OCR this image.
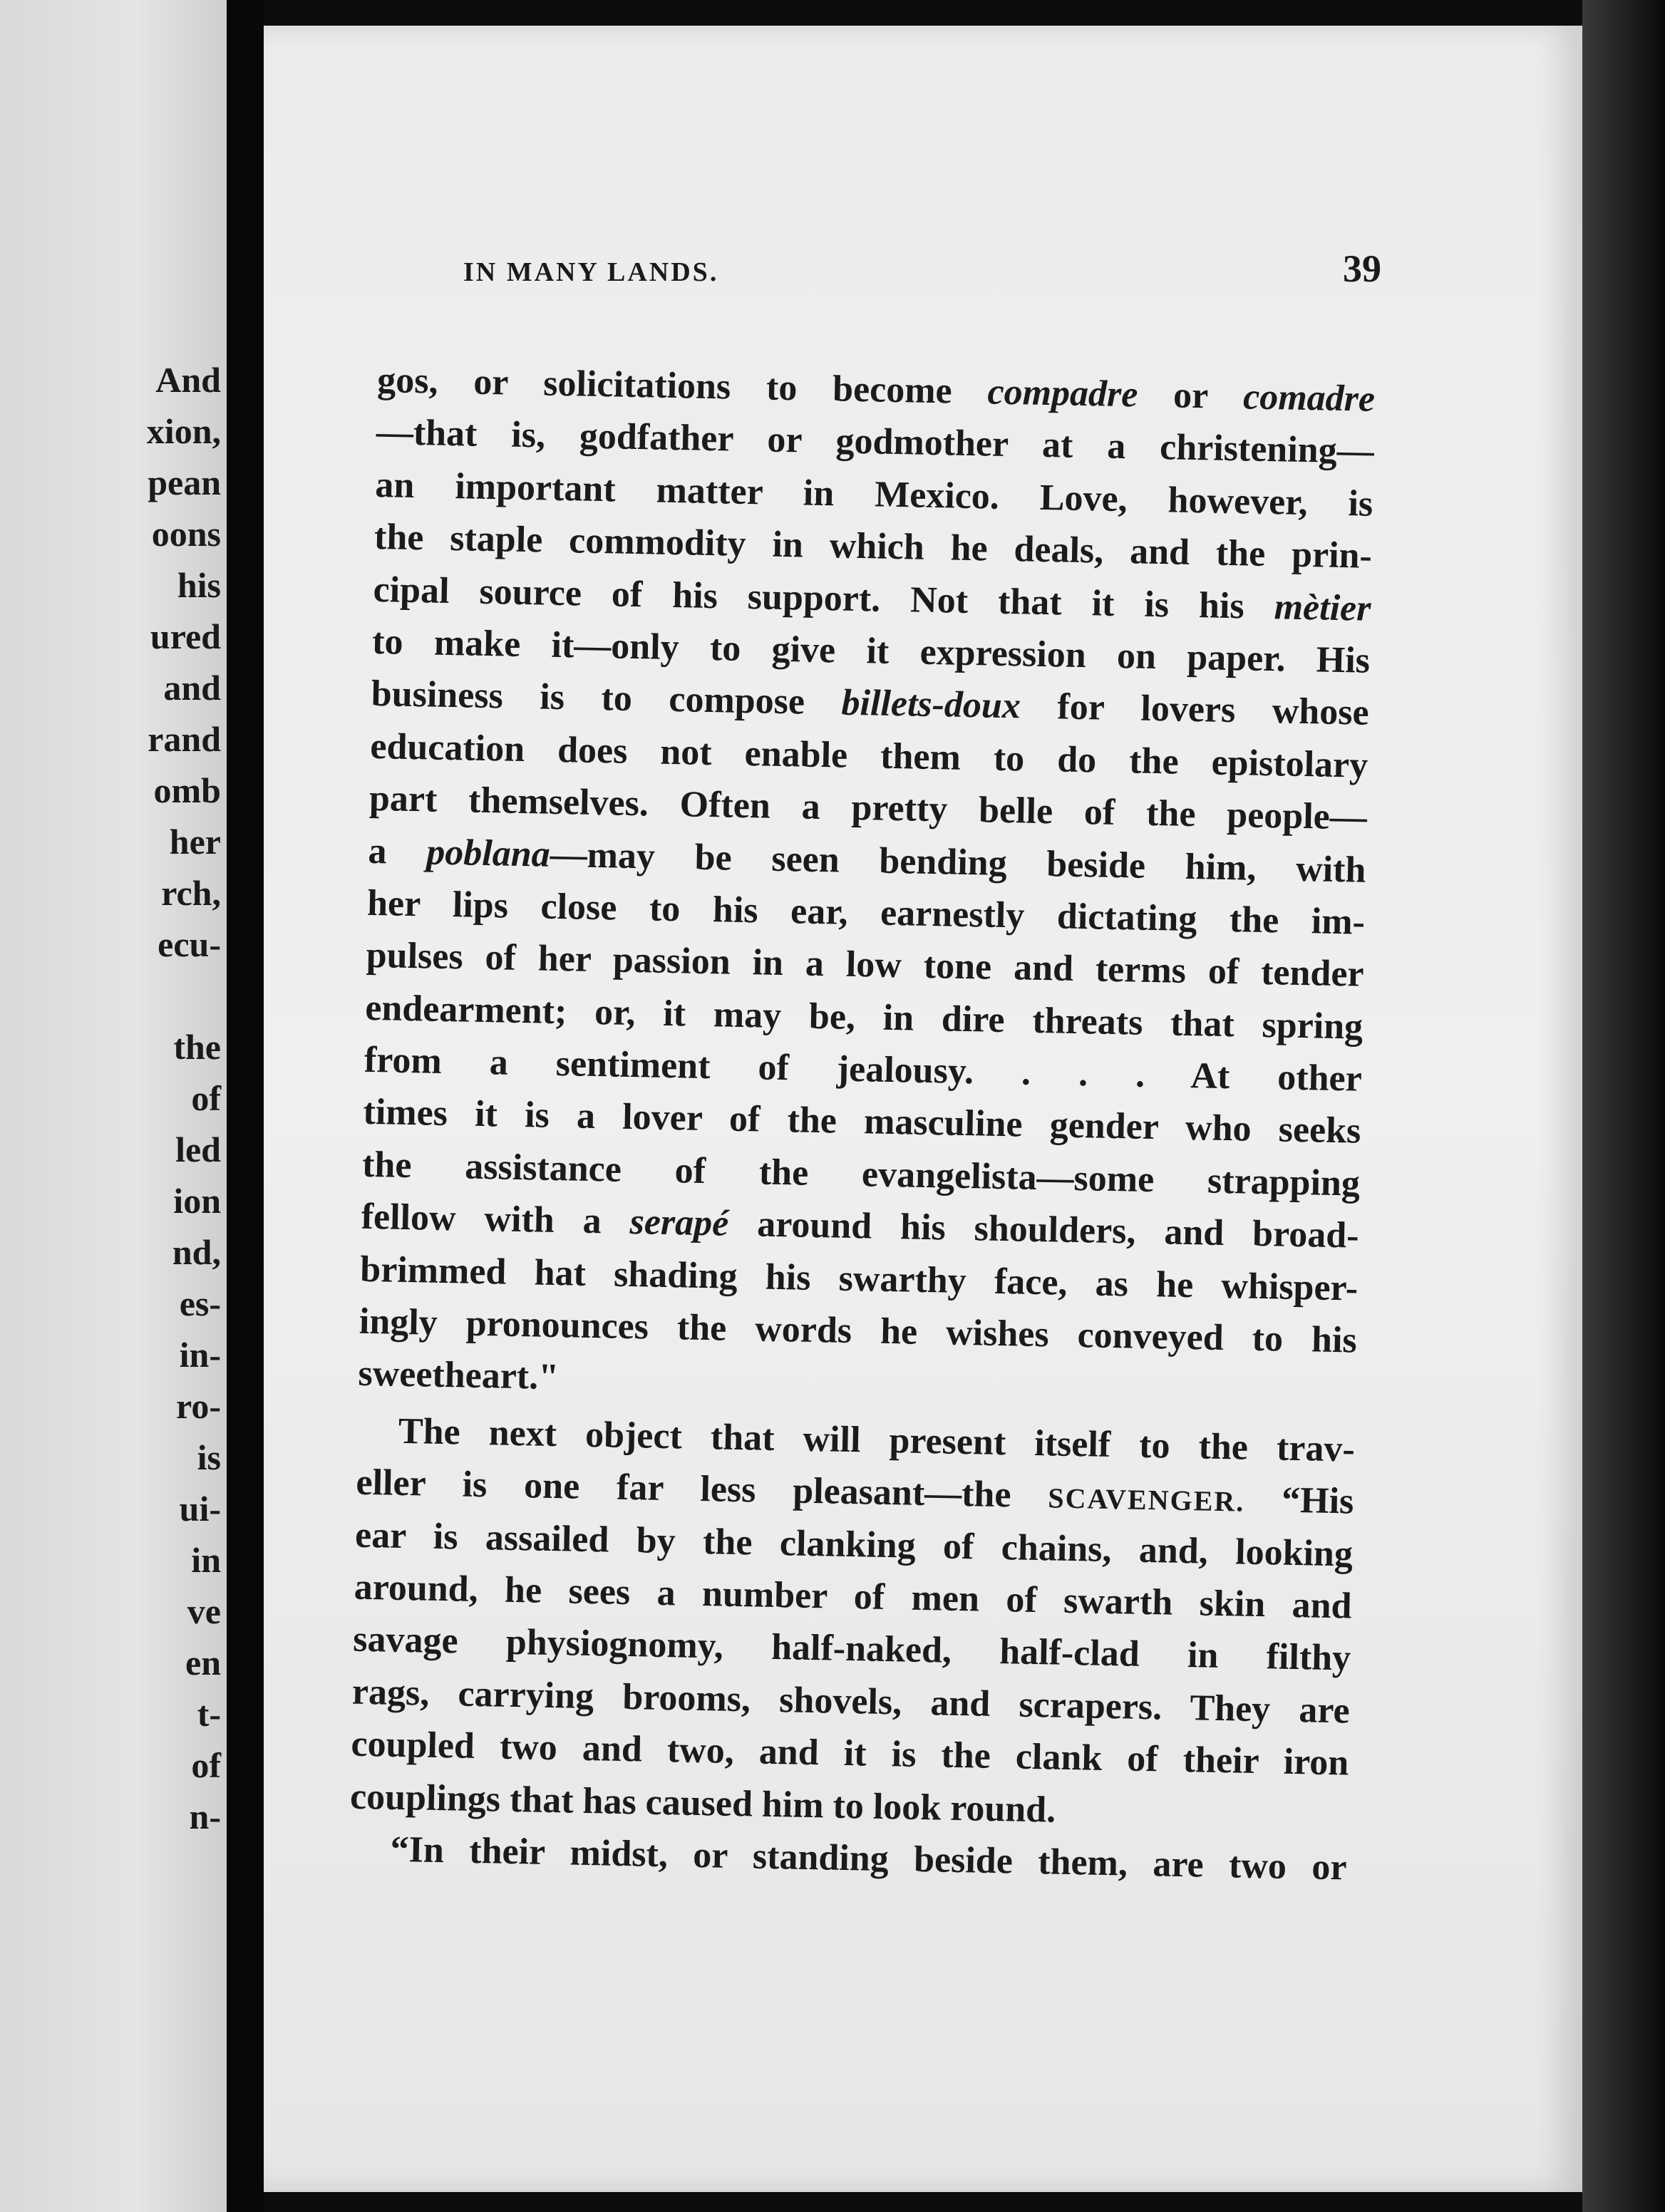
And
xion,
pean
oons
his
ured
and
rand
omb
her
rch,
ecu-
the
of
led
ion
nd,
es-
in-
ro-
is
ui-
in
ve
en
t-
of
n-
IN MANY LANDS.	39
gos, or solicitations to become compadre or comadre
—that is, godfather or godmother at a christening—
an important matter in Mexico. Love, however, is
the staple commodity in which he deals, and the prin-
cipal source of his support. Not that it is his mètier
to make it—only to give it expression on paper. His
business is to compose billets-doux for lovers whose
education does not enable them to do the epistolary
part themselves. Often a pretty belle of the people—
a poblana—may be seen bending beside him, with
her lips close to his ear, earnestly dictating the im-
pulses of her passion in a low tone and terms of tender
endearment; or, it may be, in dire threats that spring
from a sentiment of jealousy. . . . At other
times it is a lover of the masculine gender who seeks
the assistance of the evangelista—some strapping
fellow with a serapé around his shoulders, and broad-
brimmed hat shading his swarthy face, as he whisper-
ingly pronounces the words he wishes conveyed to his
sweetheart."
The next object that will present itself to the trav-
eller is one far less pleasant—the SCAVENGER. “His
ear is assailed by the clanking of chains, and, looking
around, he sees a number of men of swarth skin and
savage physiognomy, half-naked, half-clad in filthy
rags, carrying brooms, shovels, and scrapers. They are
coupled two and two, and it is the clank of their iron
couplings that has caused him to look round.
“In their midst, or standing beside them, are two or
